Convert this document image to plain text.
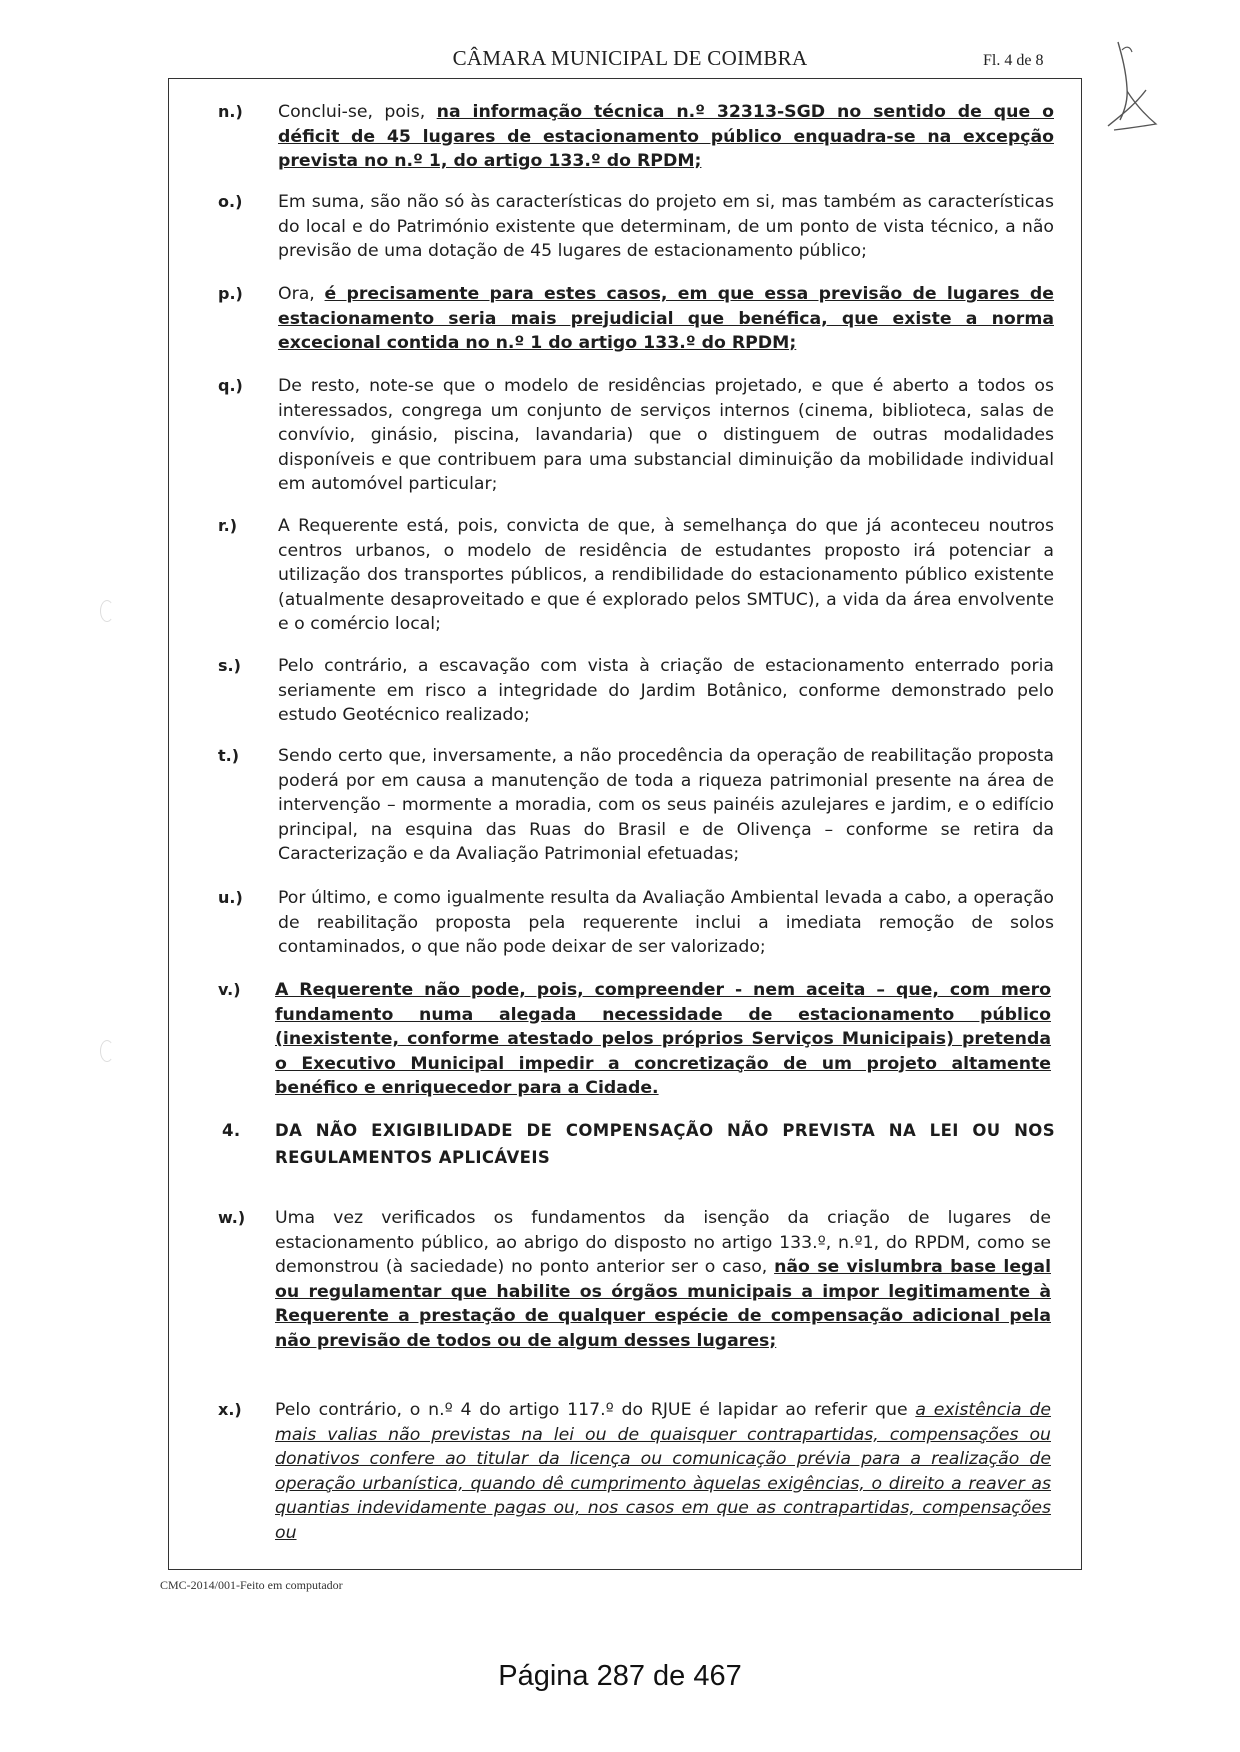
CÂMARA MUNICIPAL DE COIMBRA	Fl. 4 de 8
n.)	Conclui-se, pois, na informação técnica n.º 32313-SGD no sentido de que o déficit de 45 lugares de estacionamento público enquadra-se na excepção prevista no n.º 1, do artigo 133.º do RPDM;
o.)	Em suma, são não só às características do projeto em si, mas também as características do local e do Património existente que determinam, de um ponto de vista técnico, a não previsão de uma dotação de 45 lugares de estacionamento público;
p.)	Ora, é precisamente para estes casos, em que essa previsão de lugares de estacionamento seria mais prejudicial que benéfica, que existe a norma excecional contida no n.º 1 do artigo 133.º do RPDM;
q.)	De resto, note-se que o modelo de residências projetado, e que é aberto a todos os interessados, congrega um conjunto de serviços internos (cinema, biblioteca, salas de convívio, ginásio, piscina, lavandaria) que o distinguem de outras modalidades disponíveis e que contribuem para uma substancial diminuição da mobilidade individual em automóvel particular;
r.)	A Requerente está, pois, convicta de que, à semelhança do que já aconteceu noutros centros urbanos, o modelo de residência de estudantes proposto irá potenciar a utilização dos transportes públicos, a rendibilidade do estacionamento público existente (atualmente desaproveitado e que é explorado pelos SMTUC), a vida da área envolvente e o comércio local;
s.)	Pelo contrário, a escavação com vista à criação de estacionamento enterrado poria seriamente em risco a integridade do Jardim Botânico, conforme demonstrado pelo estudo Geotécnico realizado;
t.)	Sendo certo que, inversamente, a não procedência da operação de reabilitação proposta poderá por em causa a manutenção de toda a riqueza patrimonial presente na área de intervenção – mormente a moradia, com os seus painéis azulejares e jardim, e o edifício principal, na esquina das Ruas do Brasil e de Olivença – conforme se retira da Caracterização e da Avaliação Patrimonial efetuadas;
u.)	Por último, e como igualmente resulta da Avaliação Ambiental levada a cabo, a operação de reabilitação proposta pela requerente inclui a imediata remoção de solos contaminados, o que não pode deixar de ser valorizado;
v.)	A Requerente não pode, pois, compreender - nem aceita – que, com mero fundamento numa alegada necessidade de estacionamento público (inexistente, conforme atestado pelos próprios Serviços Municipais) pretenda o Executivo Municipal impedir a concretização de um projeto altamente benéfico e enriquecedor para a Cidade.
4. DA NÃO EXIGIBILIDADE DE COMPENSAÇÃO NÃO PREVISTA NA LEI OU NOS REGULAMENTOS APLICÁVEIS
w.)	Uma vez verificados os fundamentos da isenção da criação de lugares de estacionamento público, ao abrigo do disposto no artigo 133.º, n.º1, do RPDM, como se demonstrou (à saciedade) no ponto anterior ser o caso, não se vislumbra base legal ou regulamentar que habilite os órgãos municipais a impor legitimamente à Requerente a prestação de qualquer espécie de compensação adicional pela não previsão de todos ou de algum desses lugares;
x.)	Pelo contrário, o n.º 4 do artigo 117.º do RJUE é lapidar ao referir que a existência de mais valias não previstas na lei ou de quaisquer contrapartidas, compensações ou donativos confere ao titular da licença ou comunicação prévia para a realização de operação urbanística, quando dê cumprimento àquelas exigências, o direito a reaver as quantias indevidamente pagas ou, nos casos em que as contrapartidas, compensações ou
CMC-2014/001-Feito em computador
Página 287 de 467
